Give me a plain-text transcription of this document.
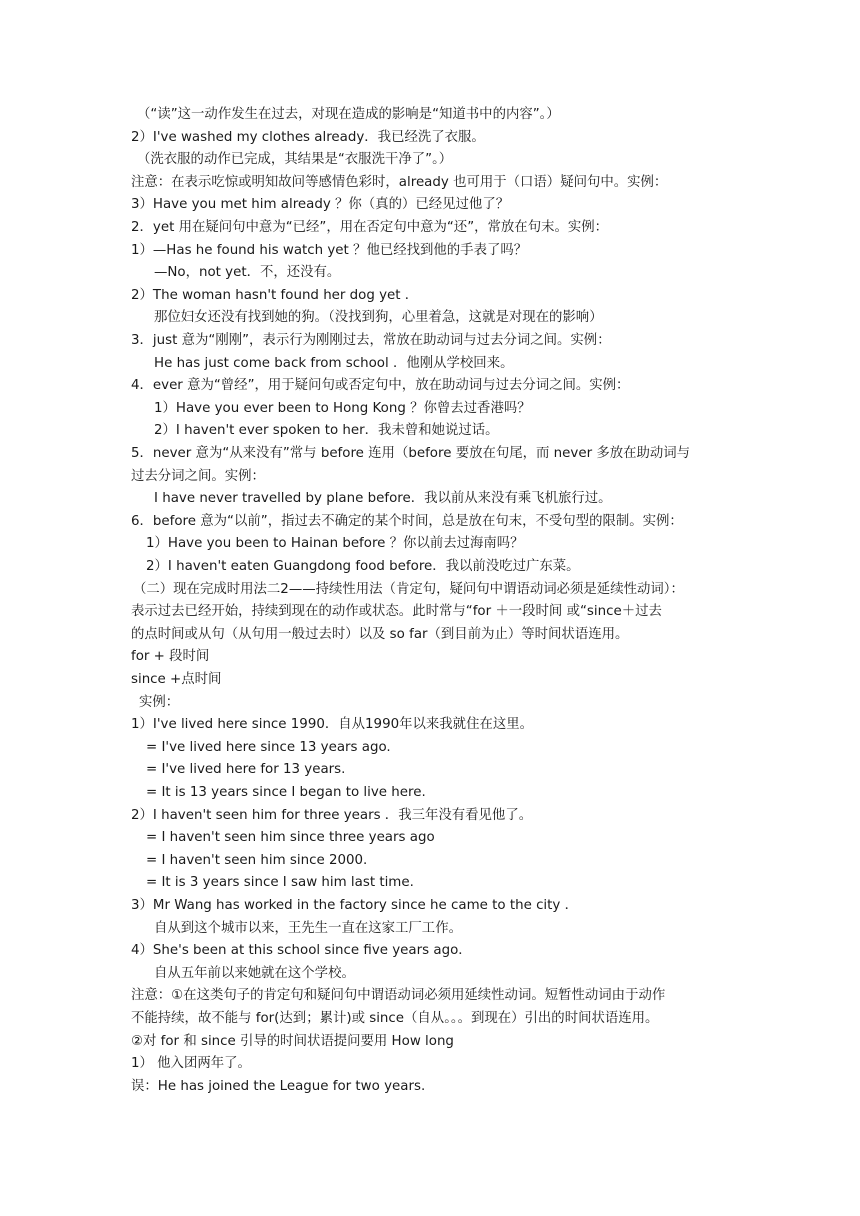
（“读”这一动作发生在过去，对现在造成的影响是“知道书中的内容”。）
2）I've washed my clothes already．我已经洗了衣服。
（洗衣服的动作已完成，其结果是“衣服洗干净了”。）
注意：在表示吃惊或明知故问等感情色彩时，already 也可用于（口语）疑问句中。实例：
3）Have you met him already ？你（真的）已经见过他了？
2．yet 用在疑问句中意为“已经”，用在否定句中意为“还”，常放在句末。实例：
1）—Has he found his watch yet ？他已经找到他的手表了吗？
—No，not yet．不，还没有。
2）The woman hasn't found her dog yet ．
那位妇女还没有找到她的狗。（没找到狗，心里着急，这就是对现在的影响）
3．just 意为“刚刚”，表示行为刚刚过去，常放在助动词与过去分词之间。实例：
He has just come back from school ．他刚从学校回来。
4．ever 意为“曾经”，用于疑问句或否定句中，放在助动词与过去分词之间。实例：
1）Have you ever been to Hong Kong ？你曾去过香港吗？
2）I haven't ever spoken to her．我未曾和她说过话。
5．never 意为“从来没有”常与 before 连用（before 要放在句尾，而 never 多放在助动词与
过去分词之间。实例：
I have never travelled by plane before．我以前从来没有乘飞机旅行过。
6．before 意为“以前”，指过去不确定的某个时间，总是放在句末，不受句型的限制。实例：
1）Have you been to Hainan before ？你以前去过海南吗？
2）I haven't eaten Guangdong food before．我以前没吃过广东菜。
（二）现在完成时用法二2——持续性用法（肯定句，疑问句中谓语动词必须是延续性动词）：
表示过去已经开始，持续到现在的动作或状态。此时常与“for ＋一段时间 或“since＋过去
的点时间或从句（从句用一般过去时）以及 so far（到目前为止）等时间状语连用。
for + 段时间
since +点时间
实例：
1）I've lived here since 1990．自从1990年以来我就住在这里。
= I've lived here since 13 years ago.
= I've lived here for 13 years.
= It is 13 years since I began to live here.
2）I haven't seen him for three years ．我三年没有看见他了。
= I haven't seen him since three years ago
= I haven't seen him since 2000.
= It is 3 years since I saw him last time.
3）Mr Wang has worked in the factory since he came to the city ．
自从到这个城市以来，王先生一直在这家工厂工作。
4）She's been at this school since five years ago．
自从五年前以来她就在这个学校。
注意：①在这类句子的肯定句和疑问句中谓语动词必须用延续性动词。短暂性动词由于动作
不能持续，故不能与 for(达到；累计)或 since（自从。。。到现在）引出的时间状语连用。
②对 for 和 since 引导的时间状语提问要用 How long
1） 他入团两年了。
误：He has joined the League for two years.
